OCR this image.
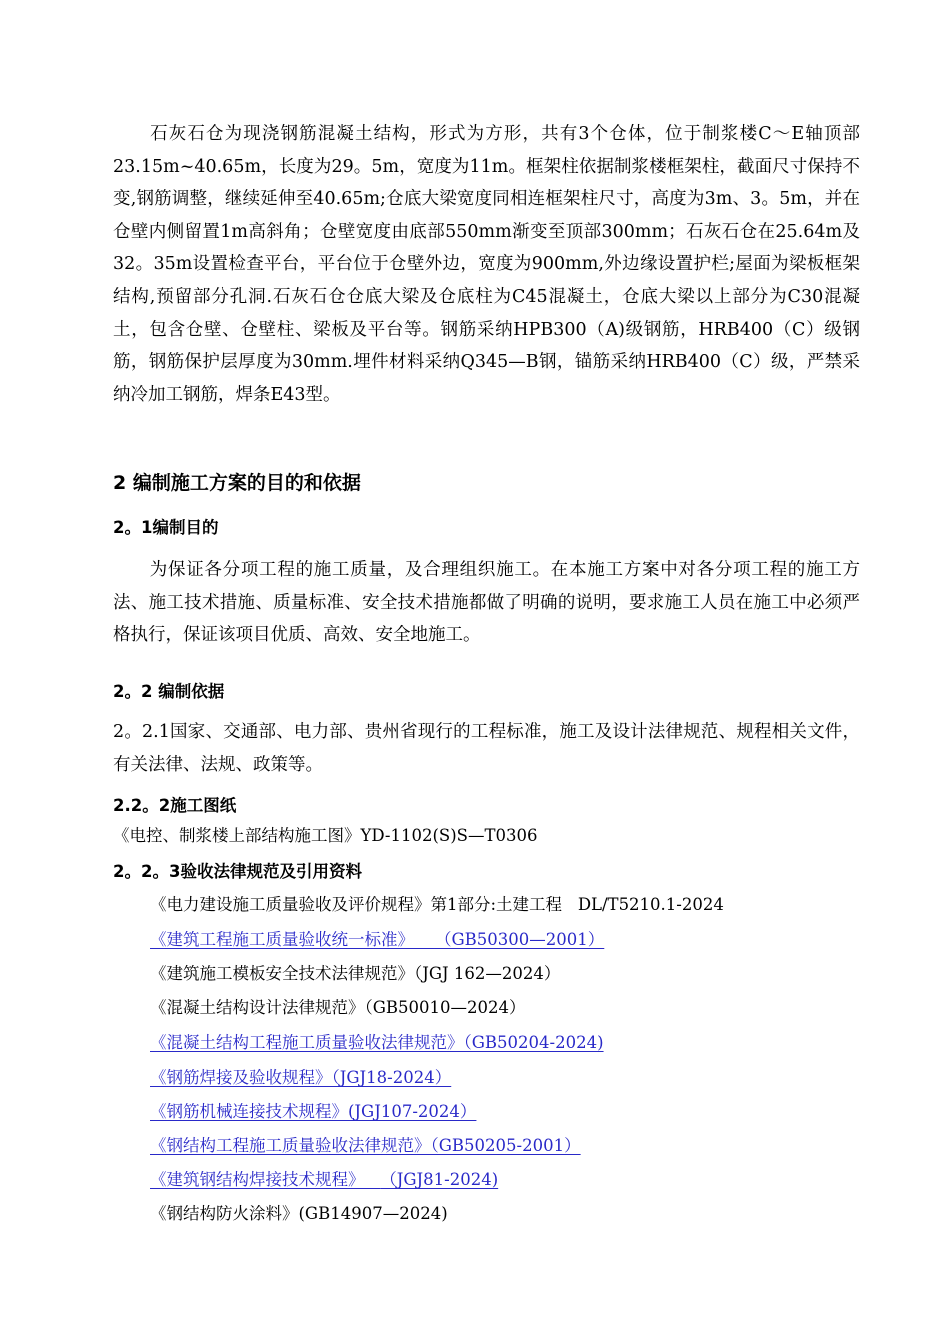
石灰石仓为现浇钢筋混凝土结构，形式为方形，共有3个仓体，位于制浆楼C～E轴顶部23.15m~40.65m，长度为29。5m，宽度为11m。框架柱依据制浆楼框架柱，截面尺寸保持不变,钢筋调整，继续延伸至40.65m;仓底大梁宽度同相连框架柱尺寸，高度为3m、3。5m，并在仓壁内侧留置1m高斜角；仓壁宽度由底部550mm渐变至顶部300mm；石灰石仓在25.64m及32。35m设置检查平台，平台位于仓壁外边，宽度为900mm,外边缘设置护栏;屋面为梁板框架结构,预留部分孔洞.石灰石仓仓底大梁及仓底柱为C45混凝土，仓底大梁以上部分为C30混凝土，包含仓壁、仓壁柱、梁板及平台等。钢筋采纳HPB300（A)级钢筋，HRB400（C）级钢筋，钢筋保护层厚度为30mm.埋件材料采纳Q345—B钢，锚筋采纳HRB400（C）级，严禁采纳冷加工钢筋，焊条E43型。

2 编制施工方案的目的和依据
2。1编制目的

为保证各分项工程的施工质量，及合理组织施工。在本施工方案中对各分项工程的施工方法、施工技术措施、质量标准、安全技术措施都做了明确的说明，要求施工人员在施工中必须严格执行，保证该项目优质、高效、安全地施工。

2。2 编制依据

2。2.1国家、交通部、电力部、贵州省现行的工程标准，施工及设计法律规范、规程相关文件，有关法律、法规、政策等。

2.2。2施工图纸

《电控、制浆楼上部结构施工图》YD-1102(S)S—T0306

2。2。3验收法律规范及引用资料

《电力建设施工质量验收及评价规程》第1部分:土建工程 DL/T5210.1-2024

《建筑工程施工质量验收统一标准》 （GB50300—2001）

《建筑施工模板安全技术法律规范》（JGJ 162—2024）

《混凝土结构设计法律规范》（GB50010—2024）

《混凝土结构工程施工质量验收法律规范》（GB50204-2024)

《钢筋焊接及验收规程》（JGJ18-2024）

《钢筋机械连接技术规程》(JGJ107-2024）

《钢结构工程施工质量验收法律规范》（GB50205-2001）

《建筑钢结构焊接技术规程》 （JGJ81-2024)

《钢结构防火涂料》(GB14907—2024)
